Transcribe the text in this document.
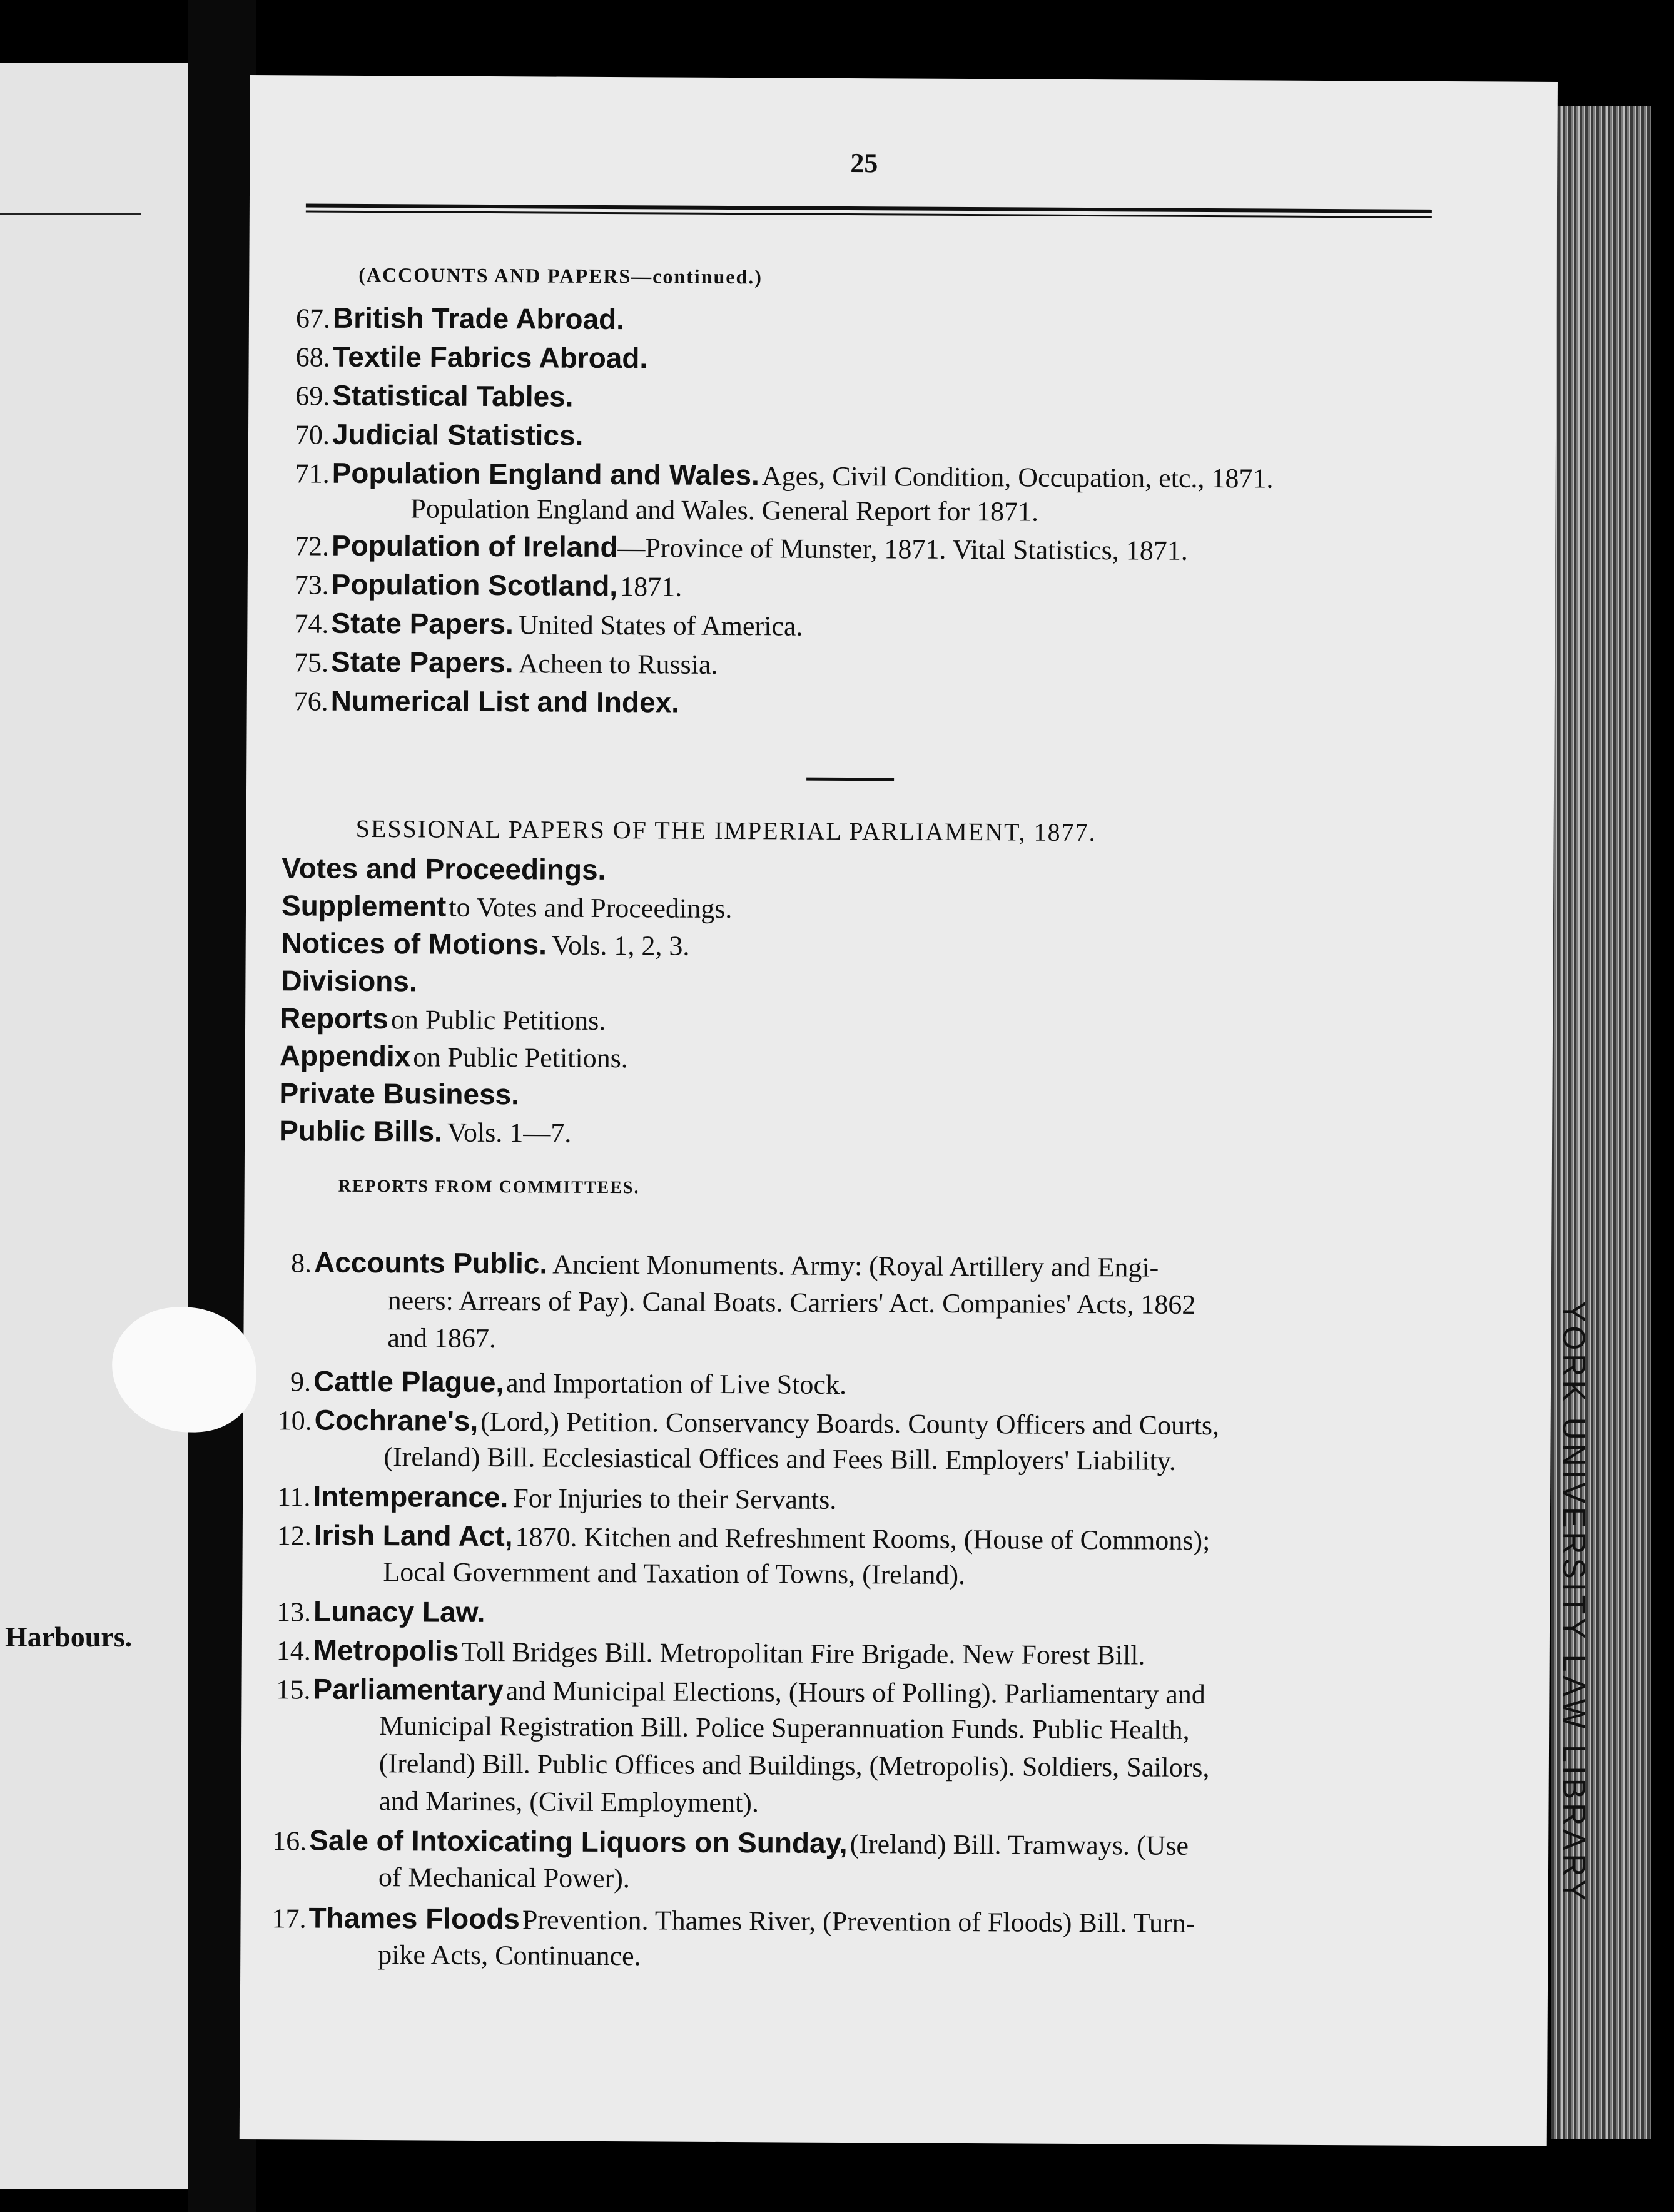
Harbours.	YORK UNIVERSITY LAW LIBRARY
25
(ACCOUNTS AND PAPERS—continued.)
67. British Trade Abroad.
68. Textile Fabrics Abroad.
69. Statistical Tables.
70. Judicial Statistics.
71. Population England and Wales. Ages, Civil Condition, Occupation, etc., 1871.
Population England and Wales. General Report for 1871.
72. Population of Ireland—Province of Munster, 1871. Vital Statistics, 1871.
73. Population Scotland, 1871.
74. State Papers. United States of America.
75. State Papers. Acheen to Russia.
76. Numerical List and Index.
SESSIONAL PAPERS OF THE IMPERIAL PARLIAMENT, 1877.
Votes and Proceedings.
Supplement to Votes and Proceedings.
Notices of Motions. Vols. 1, 2, 3.
Divisions.
Reports on Public Petitions.
Appendix on Public Petitions.
Private Business.
Public Bills. Vols. 1—7.
REPORTS FROM COMMITTEES.
8. Accounts Public. Ancient Monuments. Army: (Royal Artillery and Engi-
neers: Arrears of Pay). Canal Boats. Carriers' Act. Companies' Acts, 1862
and 1867.
9. Cattle Plague, and Importation of Live Stock.
10. Cochrane's, (Lord,) Petition. Conservancy Boards. County Officers and Courts,
(Ireland) Bill. Ecclesiastical Offices and Fees Bill. Employers' Liability.
11. Intemperance. For Injuries to their Servants.
12. Irish Land Act, 1870. Kitchen and Refreshment Rooms, (House of Commons);
Local Government and Taxation of Towns, (Ireland).
13. Lunacy Law.
14. Metropolis Toll Bridges Bill. Metropolitan Fire Brigade. New Forest Bill.
15. Parliamentary and Municipal Elections, (Hours of Polling). Parliamentary and
Municipal Registration Bill. Police Superannuation Funds. Public Health,
(Ireland) Bill. Public Offices and Buildings, (Metropolis). Soldiers, Sailors,
and Marines, (Civil Employment).
16. Sale of Intoxicating Liquors on Sunday, (Ireland) Bill. Tramways. (Use
of Mechanical Power).
17. Thames Floods Prevention. Thames River, (Prevention of Floods) Bill. Turn-
pike Acts, Continuance.
